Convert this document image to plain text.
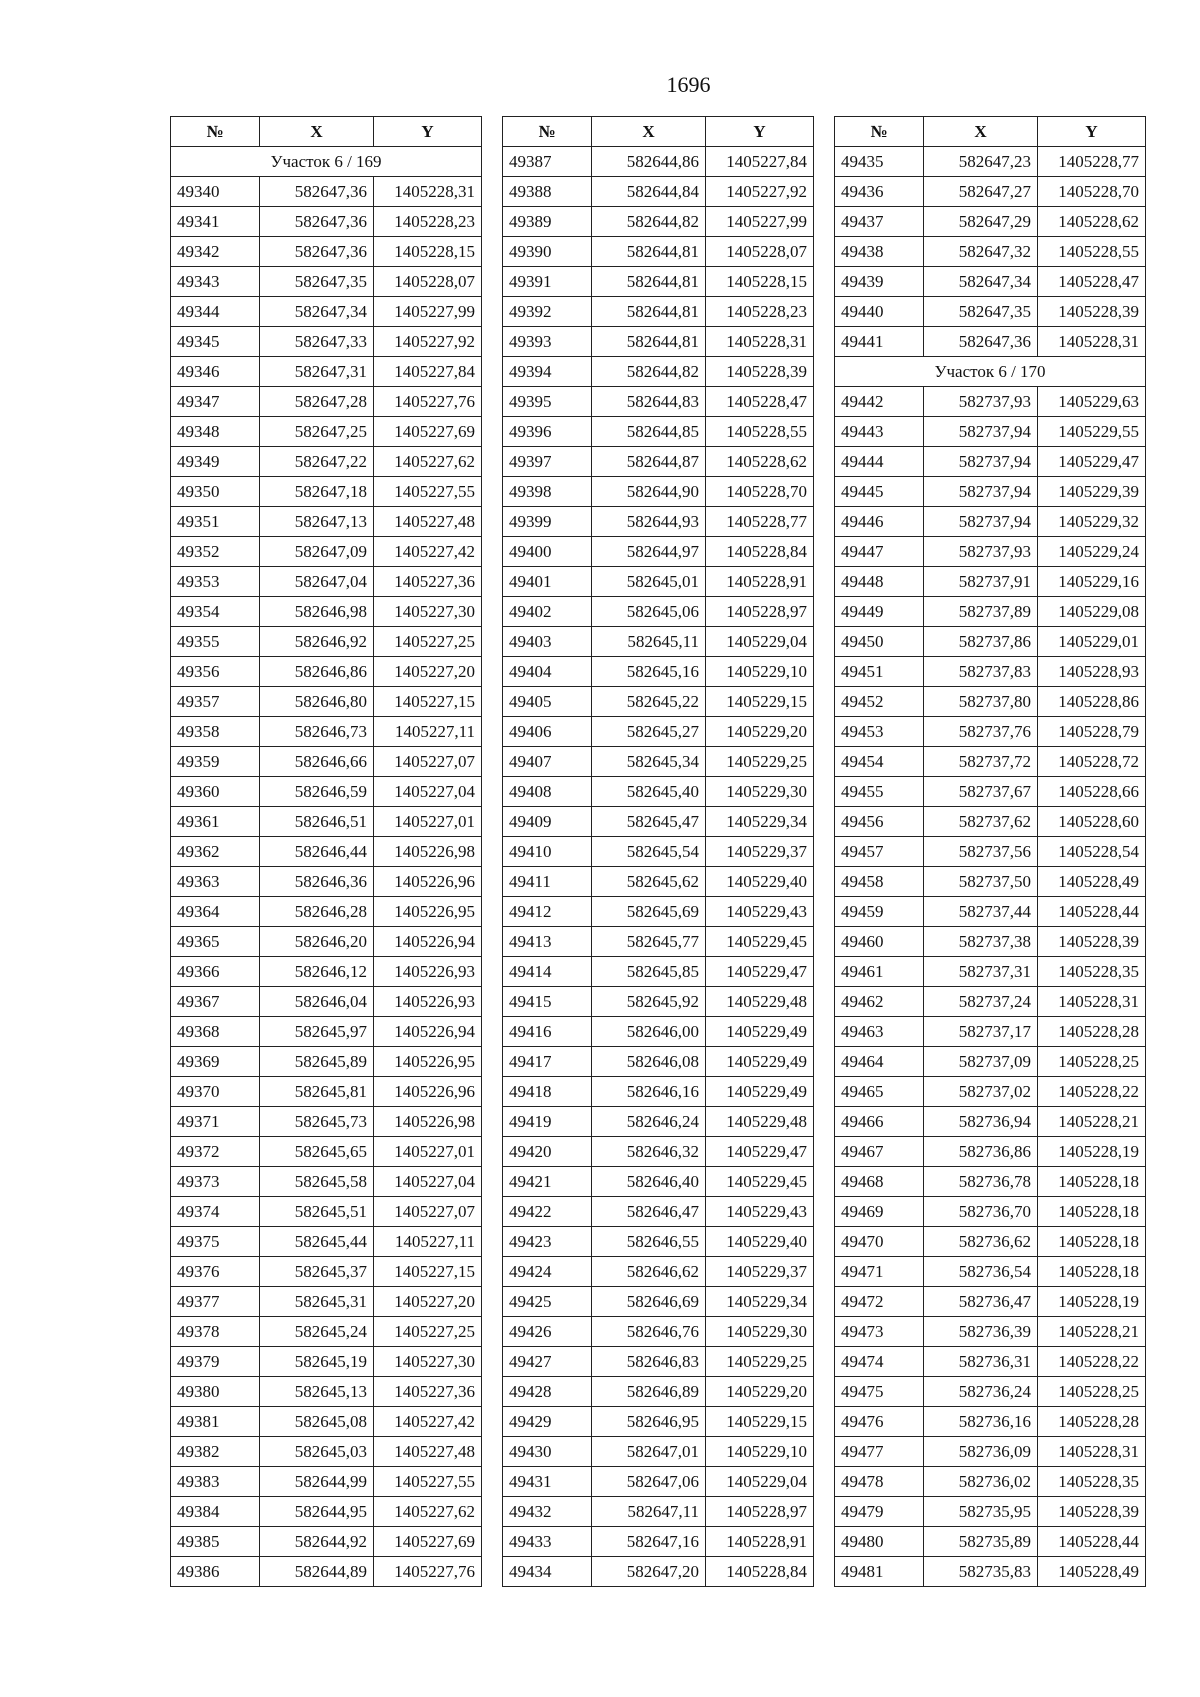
1696
№	X	Y
Участок 6 / 169		
49340	582647,36	1405228,31
49341	582647,36	1405228,23
49342	582647,36	1405228,15
49343	582647,35	1405228,07
49344	582647,34	1405227,99
49345	582647,33	1405227,92
49346	582647,31	1405227,84
49347	582647,28	1405227,76
49348	582647,25	1405227,69
49349	582647,22	1405227,62
49350	582647,18	1405227,55
49351	582647,13	1405227,48
49352	582647,09	1405227,42
49353	582647,04	1405227,36
49354	582646,98	1405227,30
49355	582646,92	1405227,25
49356	582646,86	1405227,20
49357	582646,80	1405227,15
49358	582646,73	1405227,11
49359	582646,66	1405227,07
49360	582646,59	1405227,04
49361	582646,51	1405227,01
49362	582646,44	1405226,98
49363	582646,36	1405226,96
49364	582646,28	1405226,95
49365	582646,20	1405226,94
49366	582646,12	1405226,93
49367	582646,04	1405226,93
49368	582645,97	1405226,94
49369	582645,89	1405226,95
49370	582645,81	1405226,96
49371	582645,73	1405226,98
49372	582645,65	1405227,01
49373	582645,58	1405227,04
49374	582645,51	1405227,07
49375	582645,44	1405227,11
49376	582645,37	1405227,15
49377	582645,31	1405227,20
49378	582645,24	1405227,25
49379	582645,19	1405227,30
49380	582645,13	1405227,36
49381	582645,08	1405227,42
49382	582645,03	1405227,48
49383	582644,99	1405227,55
49384	582644,95	1405227,62
49385	582644,92	1405227,69
49386	582644,89	1405227,76
№	X	Y
49387	582644,86	1405227,84
49388	582644,84	1405227,92
49389	582644,82	1405227,99
49390	582644,81	1405228,07
49391	582644,81	1405228,15
49392	582644,81	1405228,23
49393	582644,81	1405228,31
49394	582644,82	1405228,39
49395	582644,83	1405228,47
49396	582644,85	1405228,55
49397	582644,87	1405228,62
49398	582644,90	1405228,70
49399	582644,93	1405228,77
49400	582644,97	1405228,84
49401	582645,01	1405228,91
49402	582645,06	1405228,97
49403	582645,11	1405229,04
49404	582645,16	1405229,10
49405	582645,22	1405229,15
49406	582645,27	1405229,20
49407	582645,34	1405229,25
49408	582645,40	1405229,30
49409	582645,47	1405229,34
49410	582645,54	1405229,37
49411	582645,62	1405229,40
49412	582645,69	1405229,43
49413	582645,77	1405229,45
49414	582645,85	1405229,47
49415	582645,92	1405229,48
49416	582646,00	1405229,49
49417	582646,08	1405229,49
49418	582646,16	1405229,49
49419	582646,24	1405229,48
49420	582646,32	1405229,47
49421	582646,40	1405229,45
49422	582646,47	1405229,43
49423	582646,55	1405229,40
49424	582646,62	1405229,37
49425	582646,69	1405229,34
49426	582646,76	1405229,30
49427	582646,83	1405229,25
49428	582646,89	1405229,20
49429	582646,95	1405229,15
49430	582647,01	1405229,10
49431	582647,06	1405229,04
49432	582647,11	1405228,97
49433	582647,16	1405228,91
49434	582647,20	1405228,84
№	X	Y
49435	582647,23	1405228,77
49436	582647,27	1405228,70
49437	582647,29	1405228,62
49438	582647,32	1405228,55
49439	582647,34	1405228,47
49440	582647,35	1405228,39
49441	582647,36	1405228,31
Участок 6 / 170		
49442	582737,93	1405229,63
49443	582737,94	1405229,55
49444	582737,94	1405229,47
49445	582737,94	1405229,39
49446	582737,94	1405229,32
49447	582737,93	1405229,24
49448	582737,91	1405229,16
49449	582737,89	1405229,08
49450	582737,86	1405229,01
49451	582737,83	1405228,93
49452	582737,80	1405228,86
49453	582737,76	1405228,79
49454	582737,72	1405228,72
49455	582737,67	1405228,66
49456	582737,62	1405228,60
49457	582737,56	1405228,54
49458	582737,50	1405228,49
49459	582737,44	1405228,44
49460	582737,38	1405228,39
49461	582737,31	1405228,35
49462	582737,24	1405228,31
49463	582737,17	1405228,28
49464	582737,09	1405228,25
49465	582737,02	1405228,22
49466	582736,94	1405228,21
49467	582736,86	1405228,19
49468	582736,78	1405228,18
49469	582736,70	1405228,18
49470	582736,62	1405228,18
49471	582736,54	1405228,18
49472	582736,47	1405228,19
49473	582736,39	1405228,21
49474	582736,31	1405228,22
49475	582736,24	1405228,25
49476	582736,16	1405228,28
49477	582736,09	1405228,31
49478	582736,02	1405228,35
49479	582735,95	1405228,39
49480	582735,89	1405228,44
49481	582735,83	1405228,49
